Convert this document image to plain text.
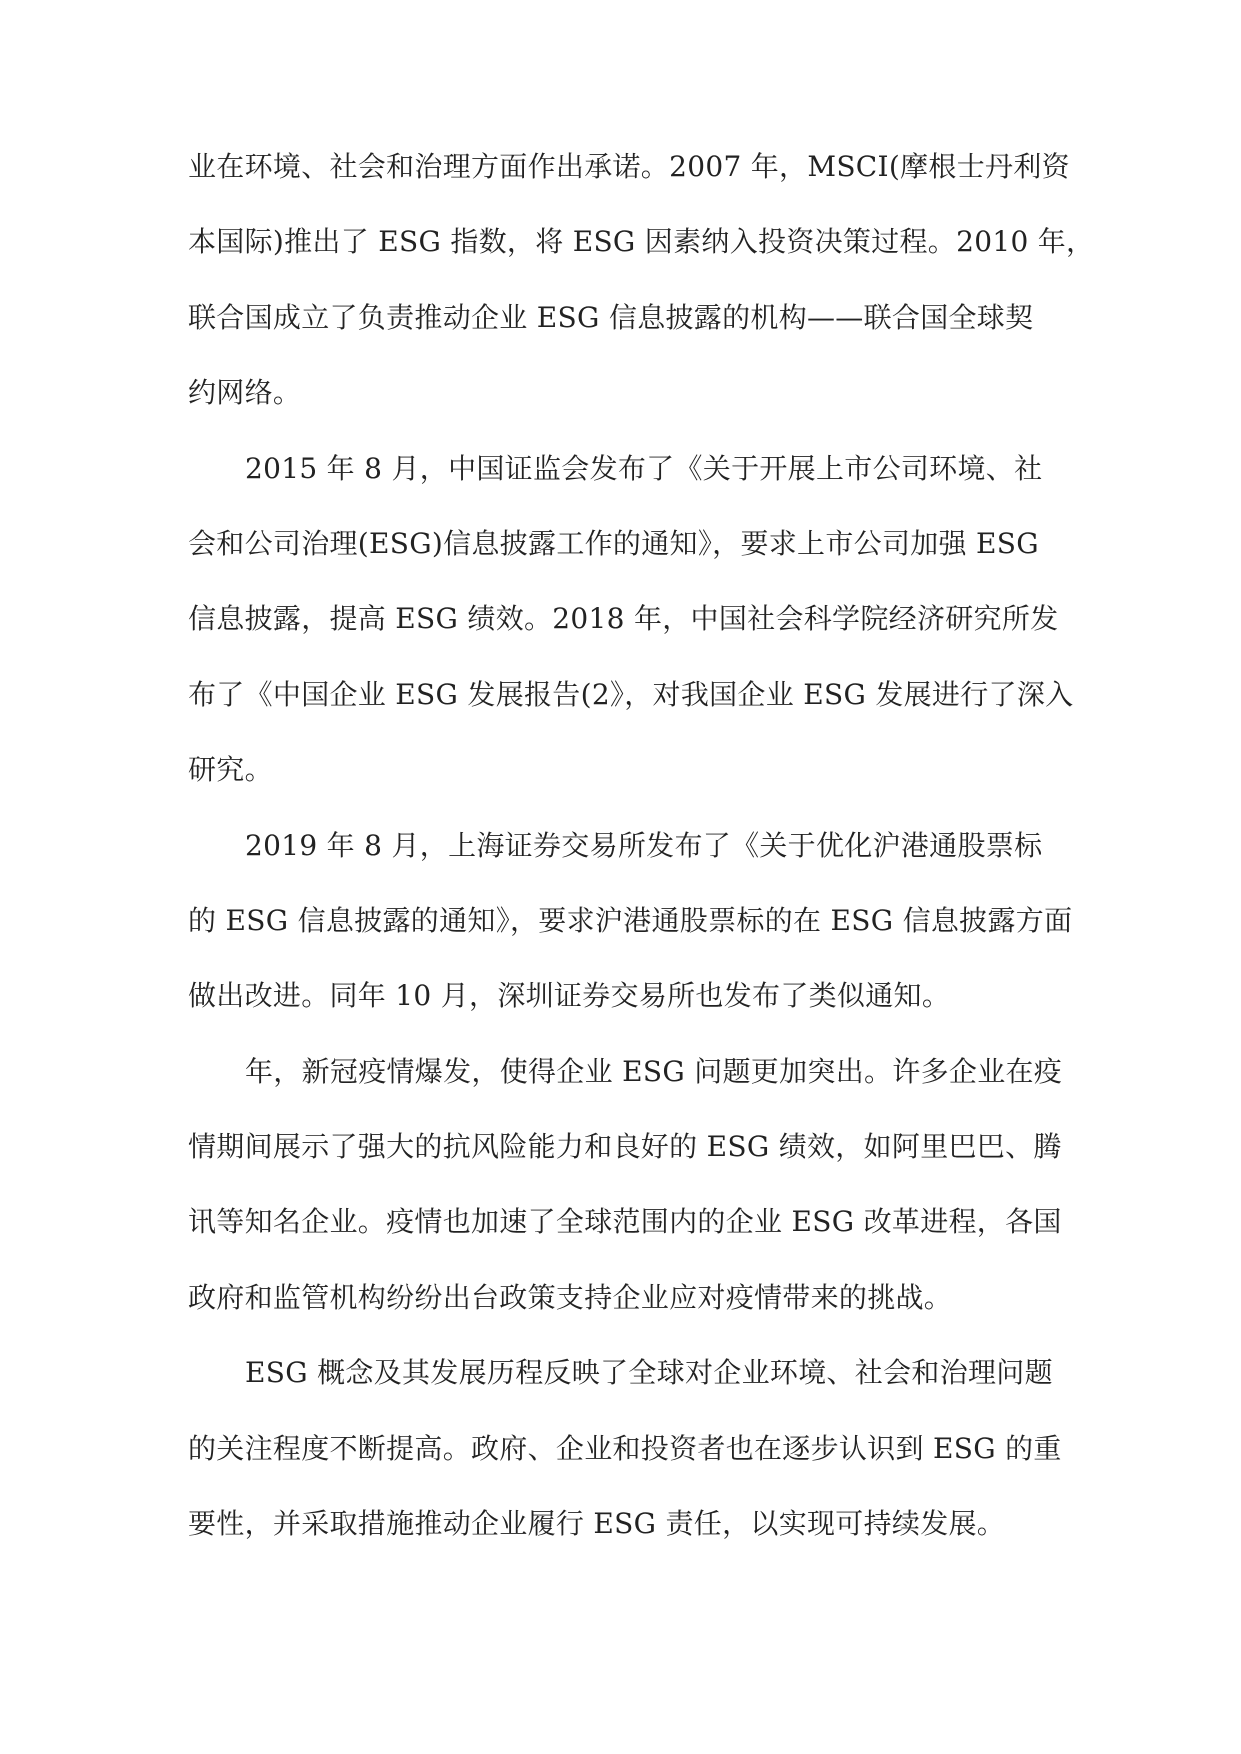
业在环境、社会和治理方面作出承诺。2007 年，MSCI(摩根士丹利资
本国际)推出了 ESG 指数，将 ESG 因素纳入投资决策过程。2010 年，
联合国成立了负责推动企业 ESG 信息披露的机构——联合国全球契
约网络。
2015 年 8 月，中国证监会发布了《关于开展上市公司环境、社
会和公司治理(ESG)信息披露工作的通知》，要求上市公司加强 ESG
信息披露，提高 ESG 绩效。2018 年，中国社会科学院经济研究所发
布了《中国企业 ESG 发展报告(2》，对我国企业 ESG 发展进行了深入
研究。
2019 年 8 月，上海证券交易所发布了《关于优化沪港通股票标
的 ESG 信息披露的通知》，要求沪港通股票标的在 ESG 信息披露方面
做出改进。同年 10 月，深圳证券交易所也发布了类似通知。
年，新冠疫情爆发，使得企业 ESG 问题更加突出。许多企业在疫
情期间展示了强大的抗风险能力和良好的 ESG 绩效，如阿里巴巴、腾
讯等知名企业。疫情也加速了全球范围内的企业 ESG 改革进程，各国
政府和监管机构纷纷出台政策支持企业应对疫情带来的挑战。
ESG 概念及其发展历程反映了全球对企业环境、社会和治理问题
的关注程度不断提高。政府、企业和投资者也在逐步认识到 ESG 的重
要性，并采取措施推动企业履行 ESG 责任，以实现可持续发展。
